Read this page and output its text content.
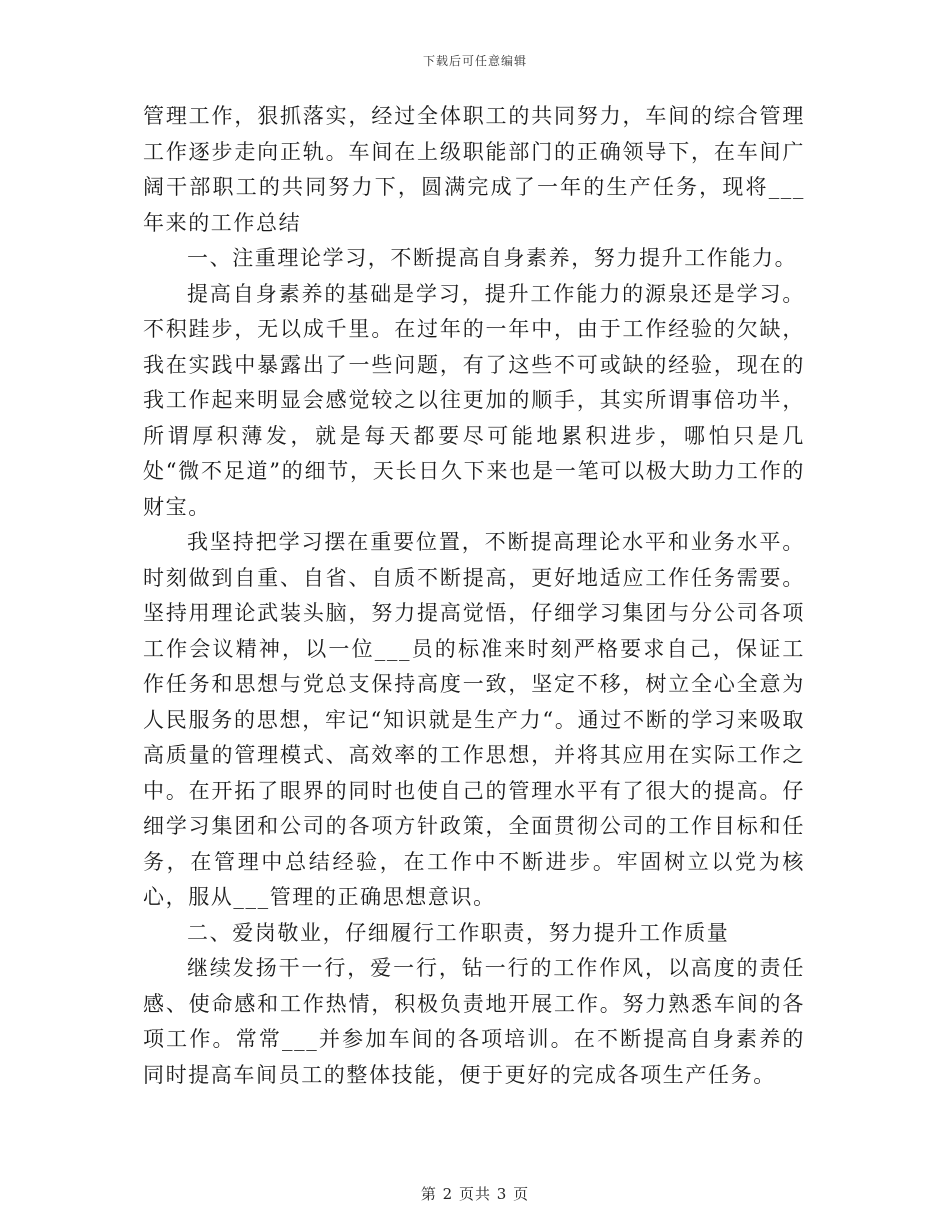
下载后可任意编辑

管理工作，狠抓落实，经过全体职工的共同努力，车间的综合管理工作逐步走向正轨。车间在上级职能部门的正确领导下，在车间广阔干部职工的共同努力下，圆满完成了一年的生产任务，现将___年来的工作总结

一、注重理论学习，不断提高自身素养，努力提升工作能力。

提高自身素养的基础是学习，提升工作能力的源泉还是学习。不积跬步，无以成千里。在过年的一年中，由于工作经验的欠缺，我在实践中暴露出了一些问题，有了这些不可或缺的经验，现在的我工作起来明显会感觉较之以往更加的顺手，其实所谓事倍功半，所谓厚积薄发，就是每天都要尽可能地累积进步，哪怕只是几处“微不足道”的细节，天长日久下来也是一笔可以极大助力工作的财宝。

我坚持把学习摆在重要位置，不断提高理论水平和业务水平。时刻做到自重、自省、自质不断提高，更好地适应工作任务需要。坚持用理论武装头脑，努力提高觉悟，仔细学习集团与分公司各项工作会议精神，以一位___员的标准来时刻严格要求自己，保证工作任务和思想与党总支保持高度一致，坚定不移，树立全心全意为人民服务的思想，牢记“知识就是生产力“。通过不断的学习来吸取高质量的管理模式、高效率的工作思想，并将其应用在实际工作之中。在开拓了眼界的同时也使自己的管理水平有了很大的提高。仔细学习集团和公司的各项方针政策，全面贯彻公司的工作目标和任务，在管理中总结经验，在工作中不断进步。牢固树立以党为核心，服从___管理的正确思想意识。

二、爱岗敬业，仔细履行工作职责，努力提升工作质量

继续发扬干一行，爱一行，钻一行的工作作风，以高度的责任感、使命感和工作热情，积极负责地开展工作。努力熟悉车间的各项工作。常常___并参加车间的各项培训。在不断提高自身素养的同时提高车间员工的整体技能，便于更好的完成各项生产任务。

第 2 页共 3 页
